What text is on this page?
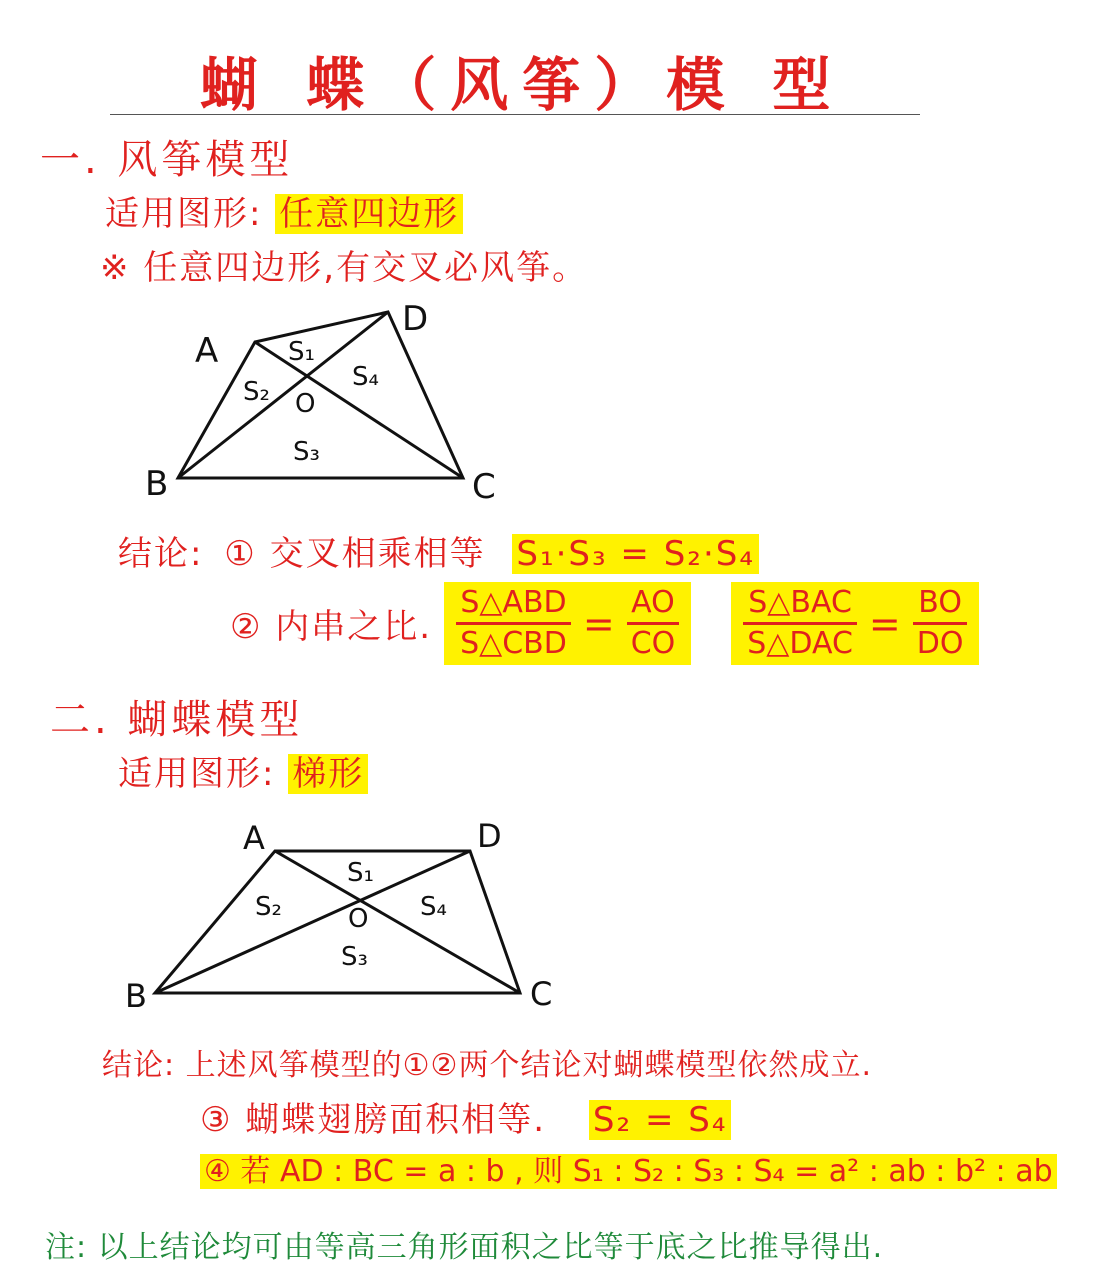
蝴 蝶（风筝）模 型
一. 风筝模型
适用图形: 任意四边形
※ 任意四边形,有交叉必风筝。
A
D
B	C
O
S₁
S₂
S₃
S₄
结论: ① 交叉相乘相等 S₁·S₃ = S₂·S₄
② 内串之比. $\frac{\text{S△ABD}}{\text{S△CBD}} = \frac{AO}{CO} \frac{\text{S△BAC}}{\text{S△DAC}} = \frac{BO}{DO}$
二. 蝴蝶模型
适用图形: 梯形
A	D
B	C
O
S₁
S₂
S₃
S₄
结论: 上述风筝模型的①②两个结论对蝴蝶模型依然成立.
③ 蝴蝶翅膀面积相等. S₂ = S₄
④ 若 AD : BC = a : b , 则 S₁ : S₂ : S₃ : S₄ = a² : ab : b² : ab
注: 以上结论均可由等高三角形面积之比等于底之比推导得出.
